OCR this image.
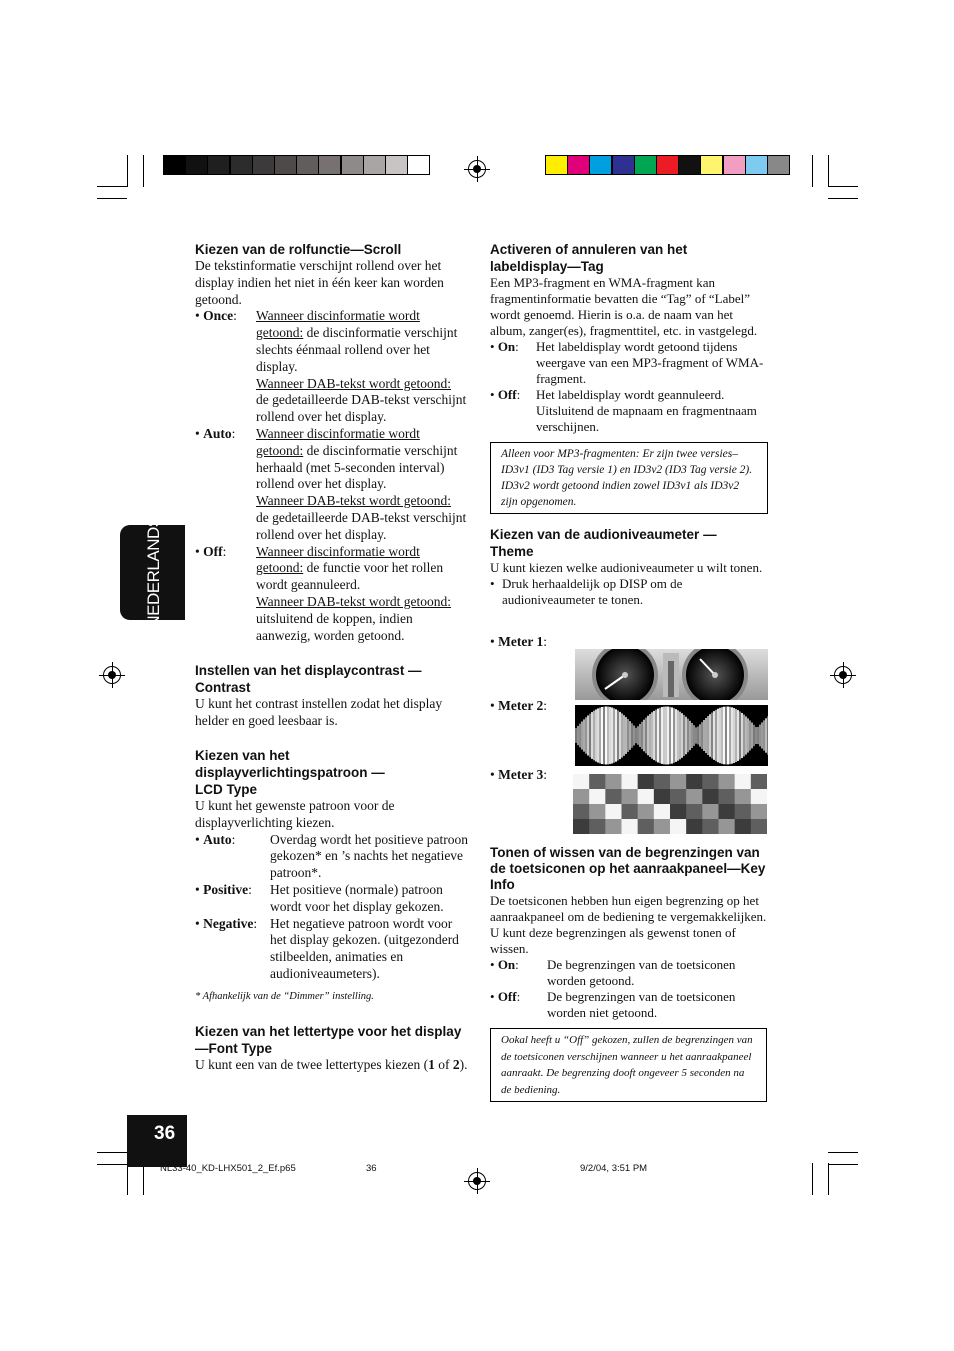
NEDERLANDS

Kiezen van de rolfunctie—Scroll

De tekstinformatie verschijnt rollend over het display indien het niet in één keer kan worden getoond.

• Once: Wanneer discinformatie wordt getoond: de discinformatie verschijnt slechts éénmaal rollend over het display.
Wanneer DAB-tekst wordt getoond:
de gedetailleerde DAB-tekst verschijnt rollend over het display.
• Auto: Wanneer discinformatie wordt getoond: de discinformatie verschijnt herhaald (met 5-seconden interval) rollend over het display.
Wanneer DAB-tekst wordt getoond:
de gedetailleerde DAB-tekst verschijnt rollend over het display.
• Off: Wanneer discinformatie wordt getoond: de functie voor het rollen wordt geannuleerd.
Wanneer DAB-tekst wordt getoond:
uitsluitend de koppen, indien aanwezig, worden getoond.

Instellen van het displaycontrast —Contrast

U kunt het contrast instellen zodat het display helder en goed leesbaar is.

Kiezen van het displayverlichtingspatroon —LCD Type

U kunt het gewenste patroon voor de displayverlichting kiezen.

• Auto:	Overdag wordt het positieve patroon gekozen* en ’s nachts het negatieve patroon*.
• Positive: Het positieve (normale) patroon wordt voor het display gekozen.
• Negative: Het negatieve patroon wordt voor het display gekozen. (uitgezonderd stilbeelden, animaties en audioniveaumeters).

* Afhankelijk van de “Dimmer” instelling.

Kiezen van het lettertype voor het display—Font Type

U kunt een van de twee lettertypes kiezen (1 of 2).

Activeren of annuleren van het labeldisplay—Tag

Een MP3-fragment en WMA-fragment kan fragmentinformatie bevatten die “Tag” of “Label” wordt genoemd. Hierin is o.a. de naam van het album, zanger(es), fragmenttitel, etc. in vastgelegd.

• On: Het labeldisplay wordt getoond tijdens weergave van een MP3-fragment of WMA-fragment.
• Off: Het labeldisplay wordt geannuleerd. Uitsluitend de mapnaam en fragmentnaam verschijnen.
Alleen voor MP3-fragmenten: Er zijn twee versies– ID3v1 (ID3 Tag versie 1) en ID3v2 (ID3 Tag versie 2). ID3v2 wordt getoond indien zowel ID3v1 als ID3v2 zijn opgenomen.

Kiezen van de audioniveaumeter —Theme

U kunt kiezen welke audioniveaumeter u wilt tonen.

• Druk herhaaldelijk op DISP om de audioniveaumeter te tonen.
• Meter 1:
• Meter 2:
• Meter 3:

Tonen of wissen van de begrenzingen van de toetsiconen op het aanraakpaneel—Key Info

De toetsiconen hebben hun eigen begrenzing op het aanraakpaneel om de bediening te vergemakkelijken.

U kunt deze begrenzingen als gewenst tonen of wissen.

• On: De begrenzingen van de toetsiconen worden getoond.
• Off: De begrenzingen van de toetsiconen worden niet getoond.
Ookal heeft u “Off” gekozen, zullen de begrenzingen van de toetsiconen verschijnen wanneer u het aanraakpaneel aanraakt. De begrenzing dooft ongeveer 5 seconden na de bediening.
36
NL33-40_KD-LHX501_2_Ef.p65	36	9/2/04, 3:51 PM
